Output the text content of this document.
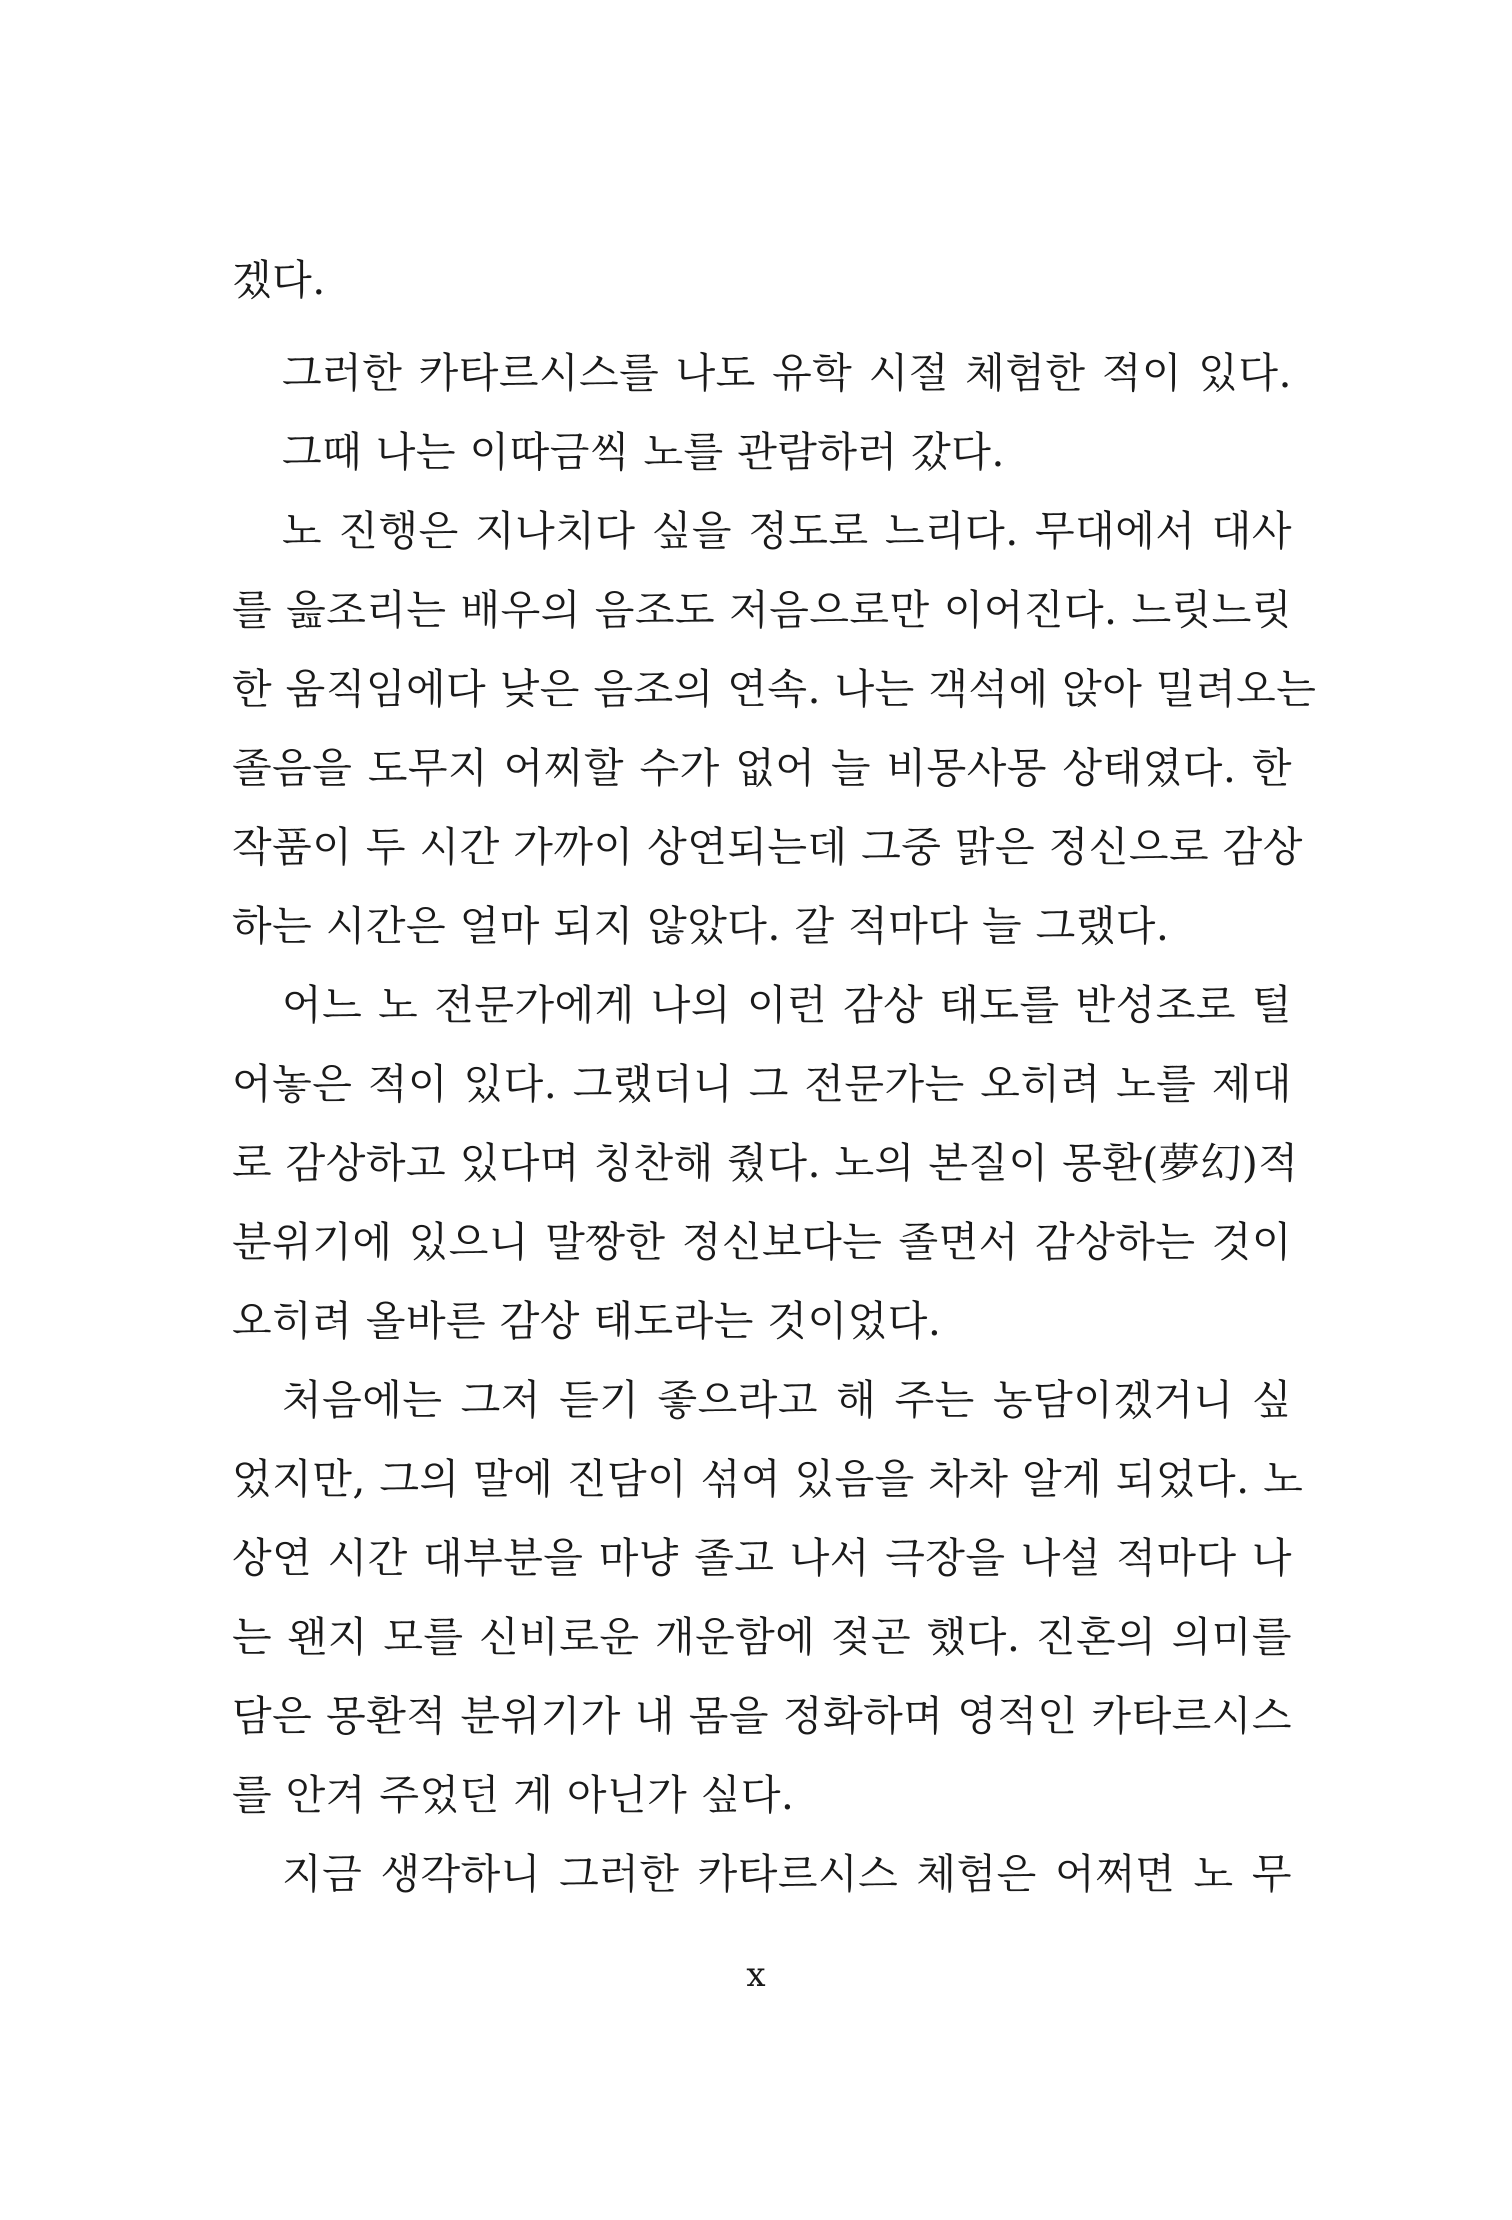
겠다.
그러한 카타르시스를 나도 유학 시절 체험한 적이 있다.
그때 나는 이따금씩 노를 관람하러 갔다.
노 진행은 지나치다 싶을 정도로 느리다. 무대에서 대사
를 읊조리는 배우의 음조도 저음으로만 이어진다. 느릿느릿
한 움직임에다 낮은 음조의 연속. 나는 객석에 앉아 밀려오는
졸음을 도무지 어찌할 수가 없어 늘 비몽사몽 상태였다. 한
작품이 두 시간 가까이 상연되는데 그중 맑은 정신으로 감상
하는 시간은 얼마 되지 않았다. 갈 적마다 늘 그랬다.
어느 노 전문가에게 나의 이런 감상 태도를 반성조로 털
어놓은 적이 있다. 그랬더니 그 전문가는 오히려 노를 제대
로 감상하고 있다며 칭찬해 줬다. 노의 본질이 몽환(夢幻)적
분위기에 있으니 말짱한 정신보다는 졸면서 감상하는 것이
오히려 올바른 감상 태도라는 것이었다.
처음에는 그저 듣기 좋으라고 해 주는 농담이겠거니 싶
었지만, 그의 말에 진담이 섞여 있음을 차차 알게 되었다. 노
상연 시간 대부분을 마냥 졸고 나서 극장을 나설 적마다 나
는 왠지 모를 신비로운 개운함에 젖곤 했다. 진혼의 의미를
담은 몽환적 분위기가 내 몸을 정화하며 영적인 카타르시스
를 안겨 주었던 게 아닌가 싶다.
지금 생각하니 그러한 카타르시스 체험은 어쩌면 노 무
x
